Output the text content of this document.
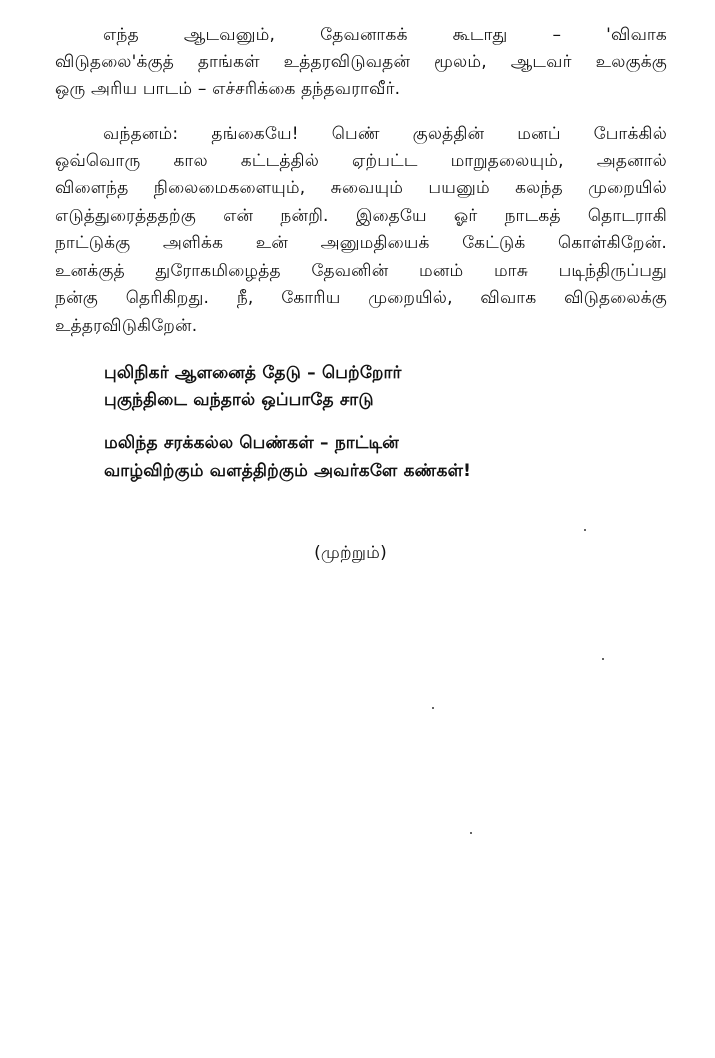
எந்த ஆடவனும், தேவனாகக் கூடாது – 'விவாக
விடுதலை'க்குத் தாங்கள் உத்தரவிடுவதன் மூலம், ஆடவர் உலகுக்கு
ஒரு அரிய பாடம் – எச்சரிக்கை தந்தவராவீர்.
வந்தனம்: தங்கையே! பெண் குலத்தின் மனப் போக்கில்
ஒவ்வொரு கால கட்டத்தில் ஏற்பட்ட மாறுதலையும், அதனால்
விளைந்த நிலைமைகளையும், சுவையும் பயனும் கலந்த முறையில்
எடுத்துரைத்ததற்கு என் நன்றி. இதையே ஓர் நாடகத் தொடராகி
நாட்டுக்கு அளிக்க உன் அனுமதியைக் கேட்டுக் கொள்கிறேன்.
உனக்குத் துரோகமிழைத்த தேவனின் மனம் மாசு படிந்திருப்பது
நன்கு தெரிகிறது. நீ, கோரிய முறையில், விவாக விடுதலைக்கு
உத்தரவிடுகிறேன்.
புலிநிகர் ஆளனைத் தேடு – பெற்றோர்
புகுந்திடை வந்தால் ஒப்பாதே சாடு
மலிந்த சரக்கல்ல பெண்கள் – நாட்டின்
வாழ்விற்கும் வளத்திற்கும் அவர்களே கண்கள்!
(முற்றும்)
